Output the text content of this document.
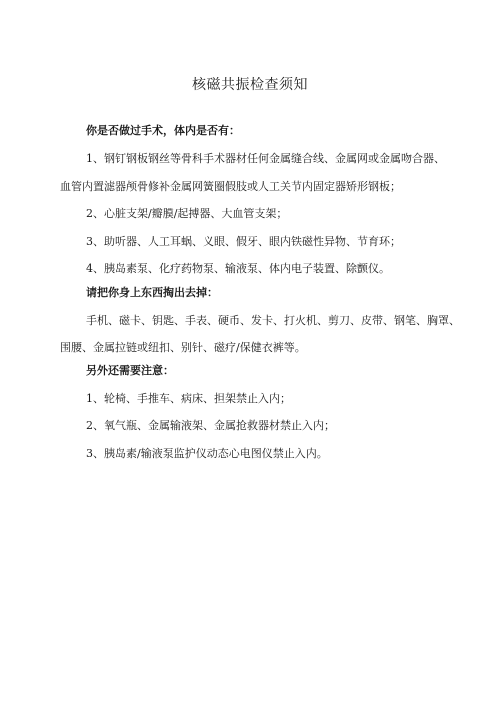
核磁共振检查须知
你是否做过手术，体内是否有：
1、钢钉钢板钢丝等骨科手术器材任何金属缝合线、金属网或金属吻合器、
血管内置滤器颅骨修补金属网簧圈假肢或人工关节内固定器矫形钢板；
2、心脏支架/瓣膜/起搏器、大血管支架；
3、助听器、人工耳蜗、义眼、假牙、眼内铁磁性异物、节育环；
4、胰岛素泵、化疗药物泵、输液泵、体内电子装置、除颤仪。
请把你身上东西掏出去掉：
手机、磁卡、钥匙、手表、硬币、发卡、打火机、剪刀、皮带、钢笔、胸罩、
围腰、金属拉链或纽扣、别针、磁疗/保健衣裤等。
另外还需要注意：
1、轮椅、手推车、病床、担架禁止入内；
2、氧气瓶、金属输液架、金属抢救器材禁止入内；
3、胰岛素/输液泵监护仪动态心电图仪禁止入内。
